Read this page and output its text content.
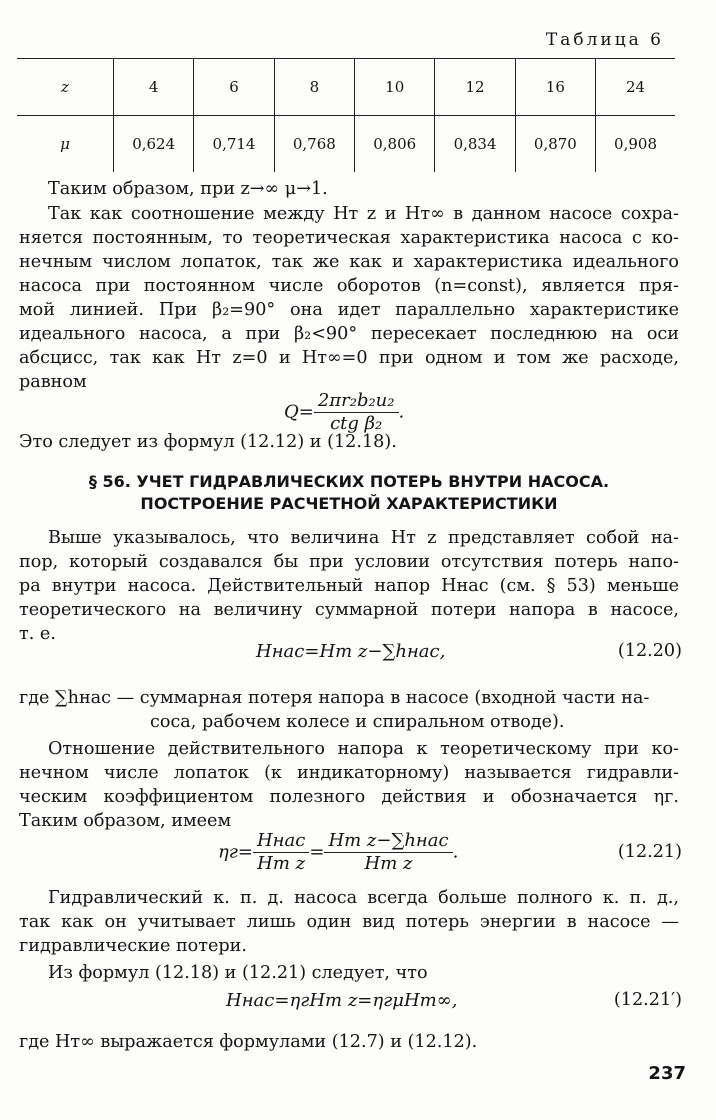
Таблица 6
z	4	6	8	10	12	16	24
μ	0,624	0,714	0,768	0,806	0,834	0,870	0,908
Таким образом, при z→∞ μ→1.
Так как соотношение между Hт z и Hт∞ в данном насосе сохра-
няется постоянным, то теоретическая характеристика насоса с ко-
нечным числом лопаток, так же как и характеристика идеального
насоса при постоянном числе оборотов (n=const), является пря-
мой линией. При β₂=90° она идет параллельно характеристике
идеального насоса, а при β₂<90° пересекает последнюю на оси
абсцисс, так как Hт z=0 и Hт∞=0 при одном и том же расходе,
равном
$Q= \frac{\text{2πr₂b₂u₂}}{\text{ctg β₂}}$ .
Это следует из формул (12.12) и (12.18).
§ 56. УЧЕТ ГИДРАВЛИЧЕСКИХ ПОТЕРЬ ВНУТРИ НАСОСА.
ПОСТРОЕНИЕ РАСЧЕТНОЙ ХАРАКТЕРИСТИКИ
Выше указывалось, что величина Hт z представляет собой на-
пор, который создавался бы при условии отсутствия потерь напо-
ра внутри насоса. Действительный напор Hнас (см. § 53) меньше
теоретического на величину суммарной потери напора в насосе,
т. е.
Hнас=Hт z−∑hнас,	(12.20)
где ∑hнас — суммарная потеря напора в насосе (входной части на-
соса, рабочем колесе и спиральном отводе).
Отношение действительного напора к теоретическому при ко-
нечном числе лопаток (к индикаторному) называется гидравли-
ческим коэффициентом полезного действия и обозначается ηг.
Таким образом, имеем
$\eta г= \frac{\text{Hнас}}{\text{Hт z}} = \frac{\text{Hт z−∑hнас}}{\text{Hт z}}$ .	(12.21)
Гидравлический к. п. д. насоса всегда больше полного к. п. д.,
так как он учитывает лишь один вид потерь энергии в насосе —
гидравлические потери.
Из формул (12.18) и (12.21) следует, что
Hнас=ηгHт z=ηгμHт∞,	(12.21′)
где Hт∞ выражается формулами (12.7) и (12.12).
237
